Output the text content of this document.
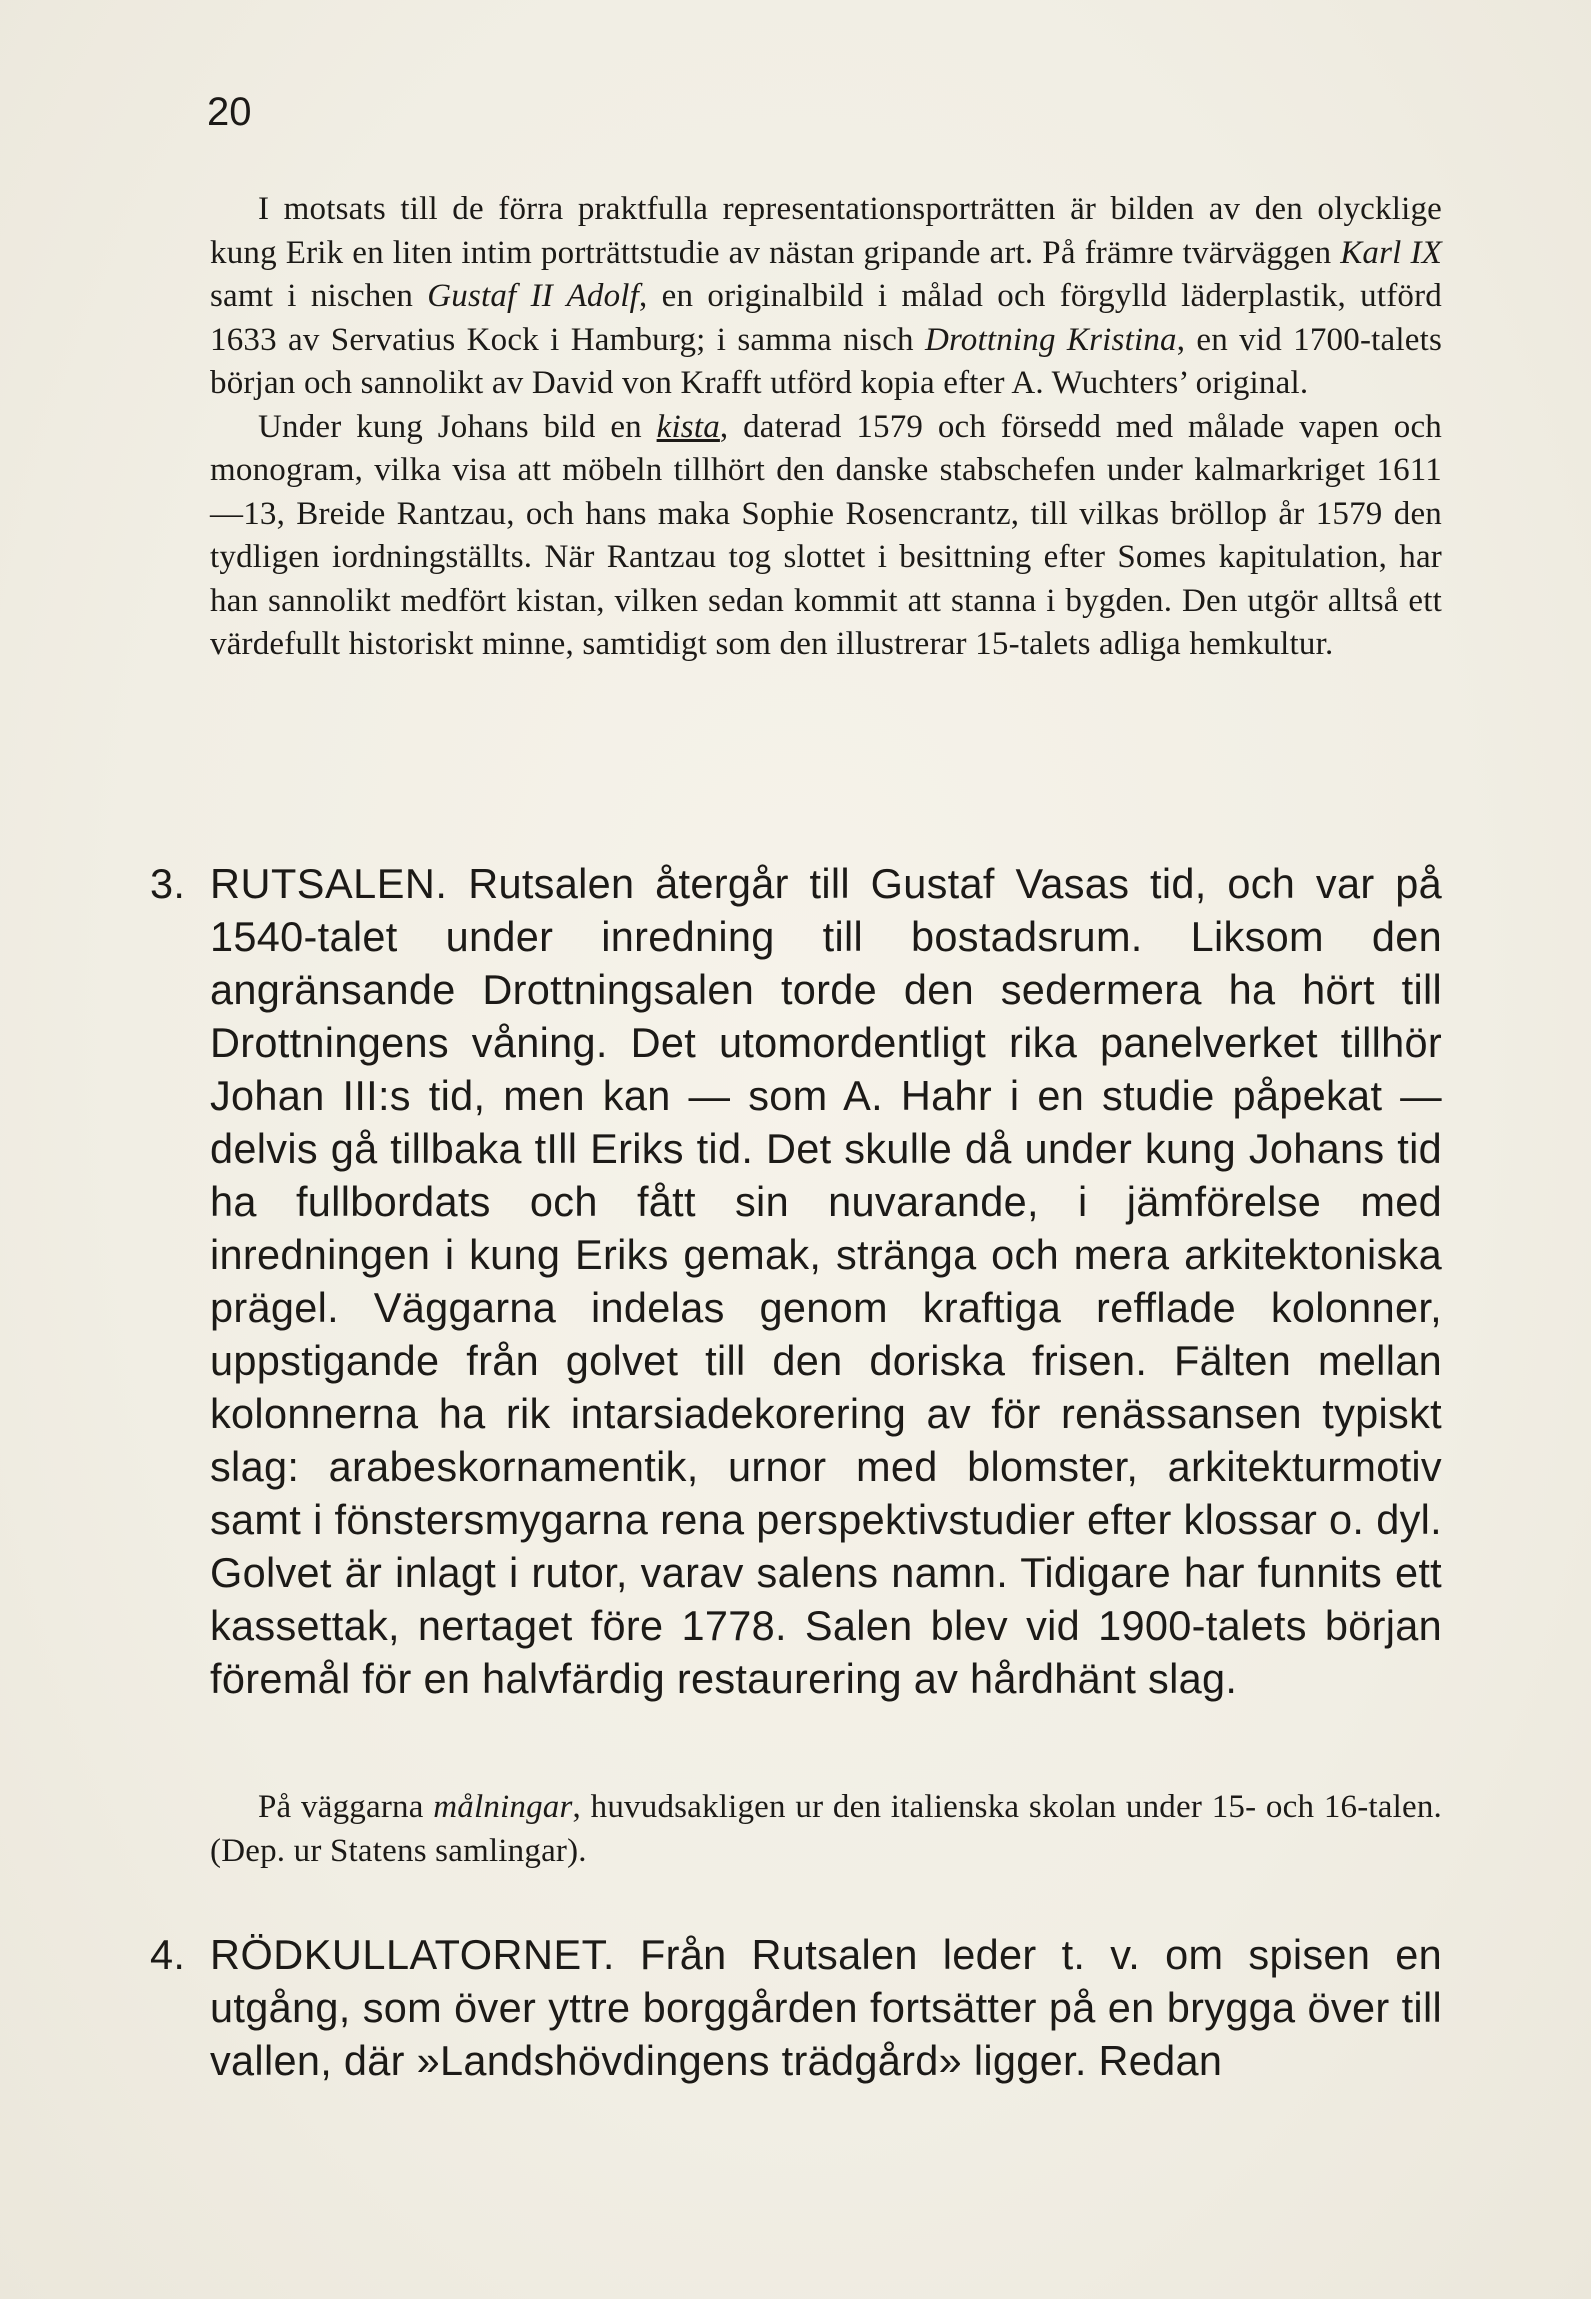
20

I motsats till de förra praktfulla representationsporträtten är bilden av den olycklige kung Erik en liten intim porträttstudie av nästan gripande art. På främre tvärväggen Karl IX samt i nischen Gustaf II Adolf, en originalbild i målad och förgylld läderplastik, utförd 1633 av Servatius Kock i Hamburg; i samma nisch Drottning Kristina, en vid 1700-talets början och sannolikt av David von Krafft utförd kopia efter A. Wuchters’ original.

Under kung Johans bild en kista, daterad 1579 och försedd med målade vapen och monogram, vilka visa att möbeln tillhört den danske stabschefen under kalmarkriget 1611—13, Breide Rantzau, och hans maka Sophie Rosencrantz, till vilkas bröllop år 1579 den tydligen iordningställts. När Rantzau tog slottet i besittning efter Somes kapitulation, har han sannolikt medfört kistan, vilken sedan kommit att stanna i bygden. Den utgör alltså ett värdefullt historiskt minne, samtidigt som den illustrerar 15-talets adliga hemkultur.

3. RUTSALEN. Rutsalen återgår till Gustaf Vasas tid, och var på 1540-talet under inredning till bostadsrum. Liksom den angränsande Drottningsalen torde den sedermera ha hört till Drottningens våning. Det utomordentligt rika panelverket tillhör Johan III:s tid, men kan — som A. Hahr i en studie påpekat — delvis gå tillbaka tIll Eriks tid. Det skulle då under kung Johans tid ha fullbordats och fått sin nuvarande, i jämförelse med inredningen i kung Eriks gemak, stränga och mera arkitektoniska prägel. Väggarna indelas genom kraftiga refflade kolonner, uppstigande från golvet till den doriska frisen. Fälten mellan kolonnerna ha rik intarsiadekorering av för renässansen typiskt slag: arabeskornamentik, urnor med blomster, arkitekturmotiv samt i fönstersmygarna rena perspektivstudier efter klossar o. dyl. Golvet är inlagt i rutor, varav salens namn. Tidigare har funnits ett kassettak, nertaget före 1778. Salen blev vid 1900-talets början föremål för en halvfärdig restaurering av hårdhänt slag.

På väggarna målningar, huvudsakligen ur den italienska skolan under 15- och 16-talen. (Dep. ur Statens samlingar).

4. RÖDKULLATORNET. Från Rutsalen leder t. v. om spisen en utgång, som över yttre borggården fortsätter på en brygga över till vallen, där »Landshövdingens trädgård» ligger. Redan
